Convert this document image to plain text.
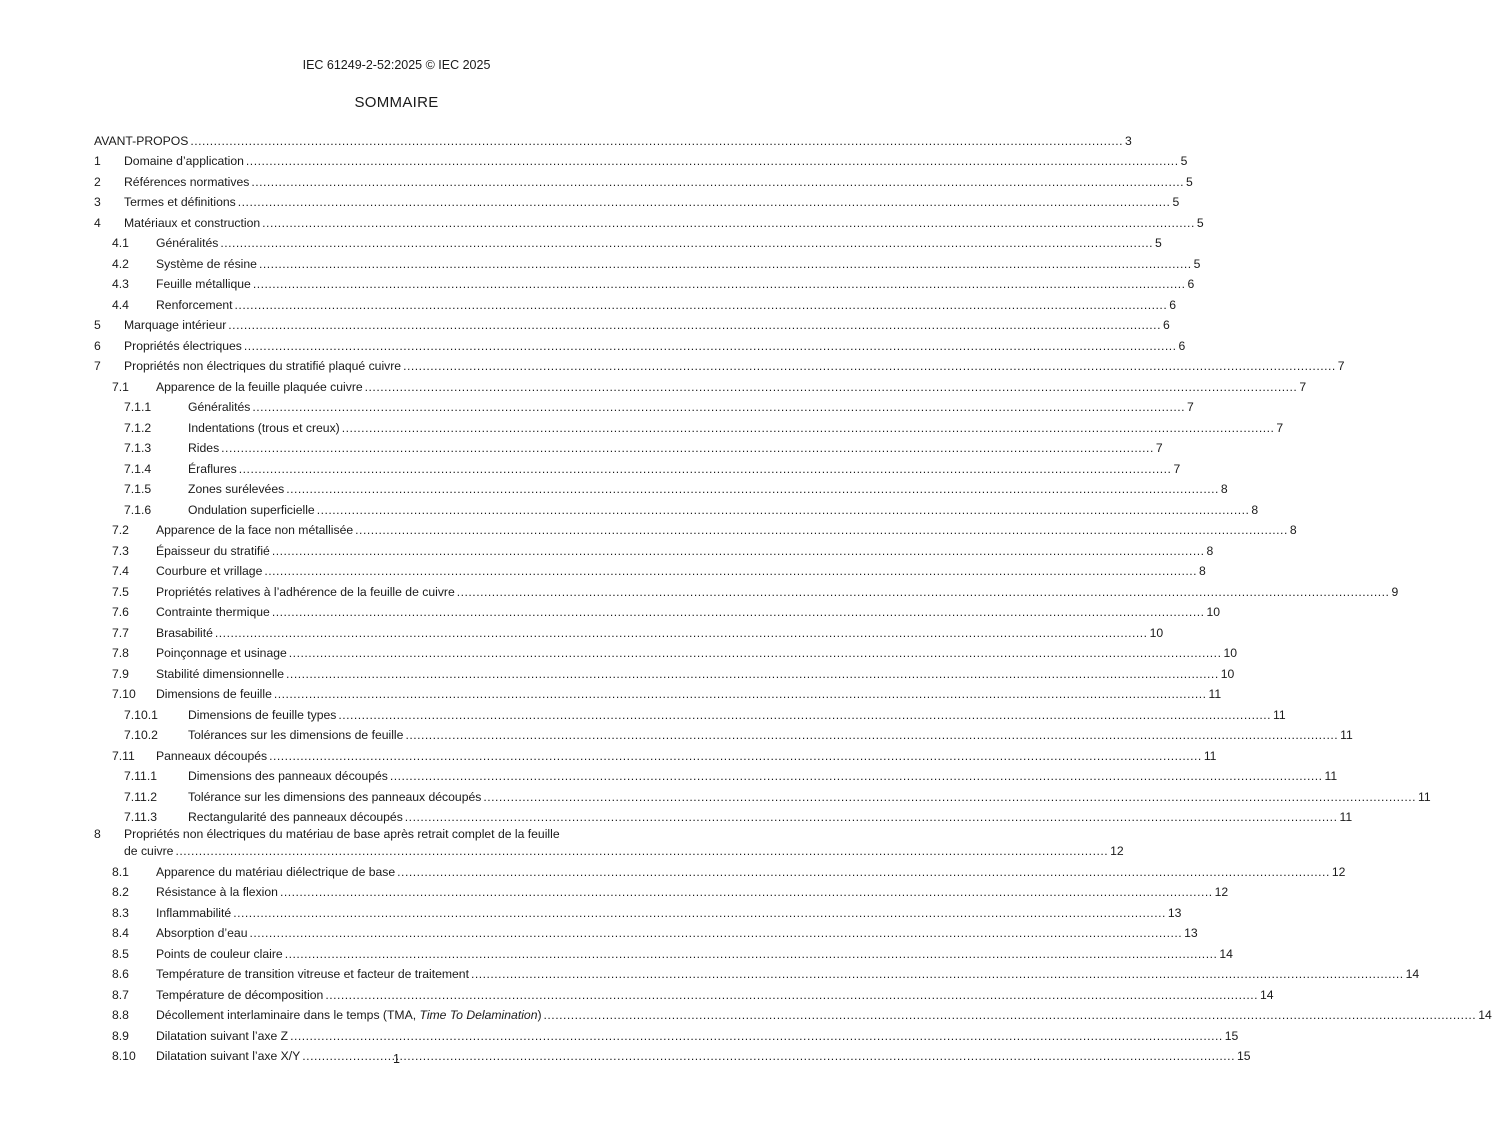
IEC 61249-2-52:2025 © IEC 2025
SOMMAIRE
AVANT-PROPOS .....	3
1	Domaine d’application .....	5
2	Références normatives .....	5
3	Termes et définitions .....	5
4	Matériaux et construction .....	5
4.1	Généralités .....	5
4.2	Système de résine .....	5
4.3	Feuille métallique .....	6
4.4	Renforcement .....	6
5	Marquage intérieur .....	6
6	Propriétés électriques .....	6
7	Propriétés non électriques du stratifié plaqué cuivre .....	7
7.1	Apparence de la feuille plaquée cuivre .....	7
7.1.1	Généralités .....	7
7.1.2	Indentations (trous et creux) .....	7
7.1.3	Rides .....	7
7.1.4	Éraflures .....	7
7.1.5	Zones surélevées .....	8
7.1.6	Ondulation superficielle .....	8
7.2	Apparence de la face non métallisée .....	8
7.3	Épaisseur du stratifié .....	8
7.4	Courbure et vrillage .....	8
7.5	Propriétés relatives à l’adhérence de la feuille de cuivre .....	9
7.6	Contrainte thermique .....	10
7.7	Brasabilité .....	10
7.8	Poinçonnage et usinage .....	10
7.9	Stabilité dimensionnelle .....	10
7.10	Dimensions de feuille .....	11
7.10.1	Dimensions de feuille types .....	11
7.10.2	Tolérances sur les dimensions de feuille .....	11
7.11	Panneaux découpés .....	11
7.11.1	Dimensions des panneaux découpés .....	11
7.11.2	Tolérance sur les dimensions des panneaux découpés .....	11
7.11.3	Rectangularité des panneaux découpés .....	11
8 Propriétés non électriques du matériau de base après retrait complet de la feuille
de cuivre .....	12
8.1	Apparence du matériau diélectrique de base .....	12
8.2	Résistance à la flexion .....	12
8.3	Inflammabilité .....	13
8.4	Absorption d’eau .....	13
8.5	Points de couleur claire .....	14
8.6	Température de transition vitreuse et facteur de traitement .....	14
8.7	Température de décomposition .....	14
8.8	Décollement interlaminaire dans le temps (TMA, Time To Delamination) .....	14
8.9	Dilatation suivant l’axe Z .....	15
8.10	Dilatation suivant l’axe X/Y .....	15
1
